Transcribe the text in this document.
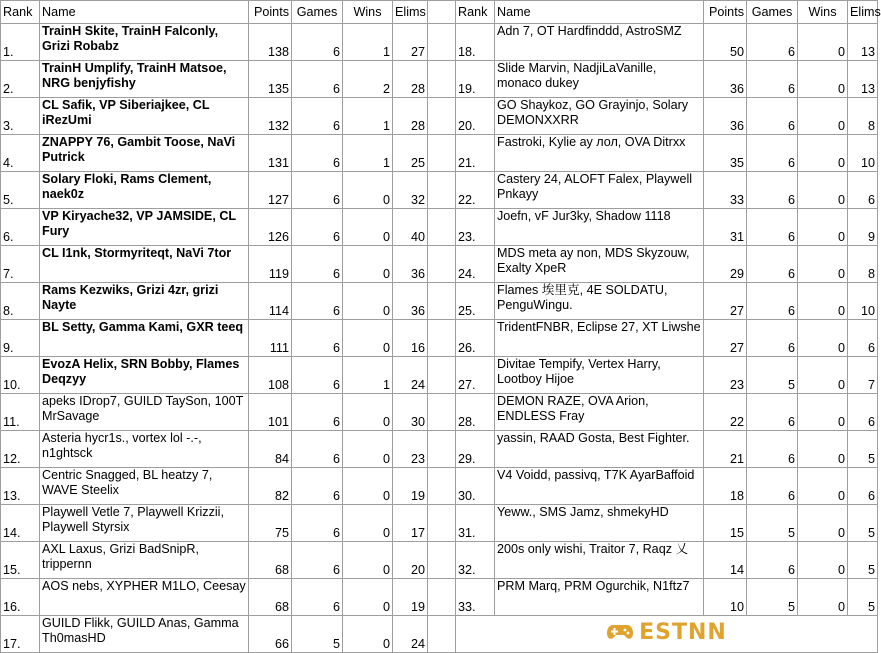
Rank	Name	Points	Games	Wins	Elims		Rank	Name	Points	Games	Wins	Elims
1.	TrainH Skite, TrainH Falconly, Grizi Robabz	138	6	1	27		18.	Adn 7, OT Hardfinddd, AstroSMZ	50	6	0	13
2.	TrainH Umplify, TrainH Matsoe, NRG benjyfishy	135	6	2	28		19.	Slide Marvin, NadjiLaVanille, monaco dukey	36	6	0	13
3.	CL Safik, VP Siberiajkee, CL iRezUmi	132	6	1	28		20.	GO Shaykoz, GO Grayinjo, Solary DEMONXXRR	36	6	0	8
4.	ZNAPPY 76, Gambit Toose, NaVi Putrick	131	6	1	25		21.	Fastroki, Kylie ау лол, OVA Ditrxx	35	6	0	10
5.	Solary Floki, Rams Clement, naek0z	127	6	0	32		22.	Castery 24, ALOFT Falex, Playwell Pnkayy	33	6	0	6
6.	VP Kiryache32, VP JAMSIDE, CL Fury	126	6	0	40		23.	Joefn, vF Jur3ky, Shadow 1118	31	6	0	9
7.	CL I1nk, Stormyriteqt, NaVi 7tor	119	6	0	36		24.	MDS meta ay non, MDS Skyzouw, Exalty XpeR	29	6	0	8
8.	Rams Kezwiks, Grizi 4zr, grizi Nayte	114	6	0	36		25.	Flames 埃里克, 4E SOLDATU, PenguWingu.	27	6	0	10
9.	BL Setty, Gamma Kami, GXR teeq	111	6	0	16		26.	TridentFNBR, Eclipse 27, XT Liwshe	27	6	0	6
10.	EvozA Helix, SRN Bobby, Flames Deqzyy	108	6	1	24		27.	Divitae Tempify, Vertex Harry, Lootboy Hijoe	23	5	0	7
11.	apeks IDrop7, GUILD TaySon, 100T MrSavage	101	6	0	30		28.	DEMON RAZE, OVA Arion, ENDLESS Fray	22	6	0	6
12.	Asteria hycr1s., vortex lol -.-, n1ghtsck	84	6	0	23		29.	yassin, RAAD Gosta, Best Fighter.	21	6	0	5
13.	Centric Snagged, BL heatzy 7, WAVE Steelix	82	6	0	19		30.	V4 Voidd, passivq, T7K AyarBaffoid	18	6	0	6
14.	Playwell Vetle 7, Playwell Krizzii, Playwell Styrsix	75	6	0	17		31.	Yeww., SMS Jamz, shmekyHD	15	5	0	5
15.	AXL Laxus, Grizi BadSnipR, trippernn	68	6	0	20		32.	200s only wishi, Traitor 7, Raqz 乂	14	6	0	5
16.	AOS nebs, XYPHER M1LO, Ceesay	68	6	0	19		33.	PRM Marq, PRM Ogurchik, N1ftz7	10	5	0	5
17.	GUILD Flikk, GUILD Anas, Gamma Th0masHD	66	5	0	24		ESTNN					
